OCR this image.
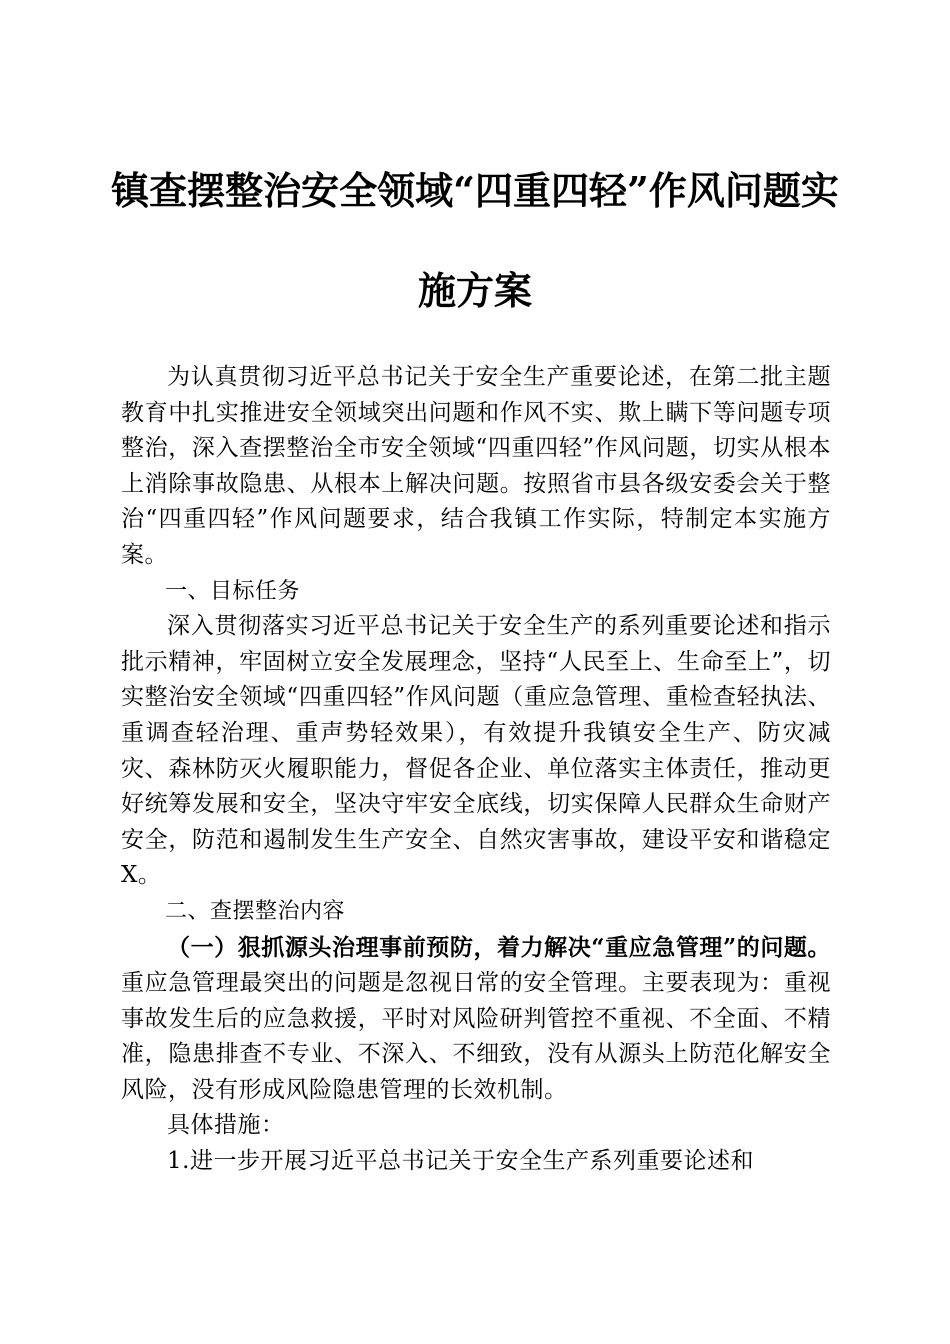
镇查摆整治安全领域“四重四轻”作风问题实
施方案

为认真贯彻习近平总书记关于安全生产重要论述，在第二批主题教育中扎实推进安全领域突出问题和作风不实、欺上瞒下等问题专项整治，深入查摆整治全市安全领域“四重四轻”作风问题，切实从根本上消除事故隐患、从根本上解决问题。按照省市县各级安委会关于整治“四重四轻”作风问题要求，结合我镇工作实际，特制定本实施方案。

一、目标任务

深入贯彻落实习近平总书记关于安全生产的系列重要论述和指示批示精神，牢固树立安全发展理念，坚持“人民至上、生命至上”，切实整治安全领域“四重四轻”作风问题（重应急管理、重检查轻执法、重调查轻治理、重声势轻效果），有效提升我镇安全生产、防灾减灾、森林防灭火履职能力，督促各企业、单位落实主体责任，推动更好统筹发展和安全，坚决守牢安全底线，切实保障人民群众生命财产安全，防范和遏制发生生产安全、自然灾害事故，建设平安和谐稳定X。

二、查摆整治内容

（一）狠抓源头治理事前预防，着力解决“重应急管理”的问题。重应急管理最突出的问题是忽视日常的安全管理。主要表现为：重视事故发生后的应急救援，平时对风险研判管控不重视、不全面、不精准，隐患排查不专业、不深入、不细致，没有从源头上防范化解安全风险，没有形成风险隐患管理的长效机制。

具体措施：

1.进一步开展习近平总书记关于安全生产系列重要论述和
